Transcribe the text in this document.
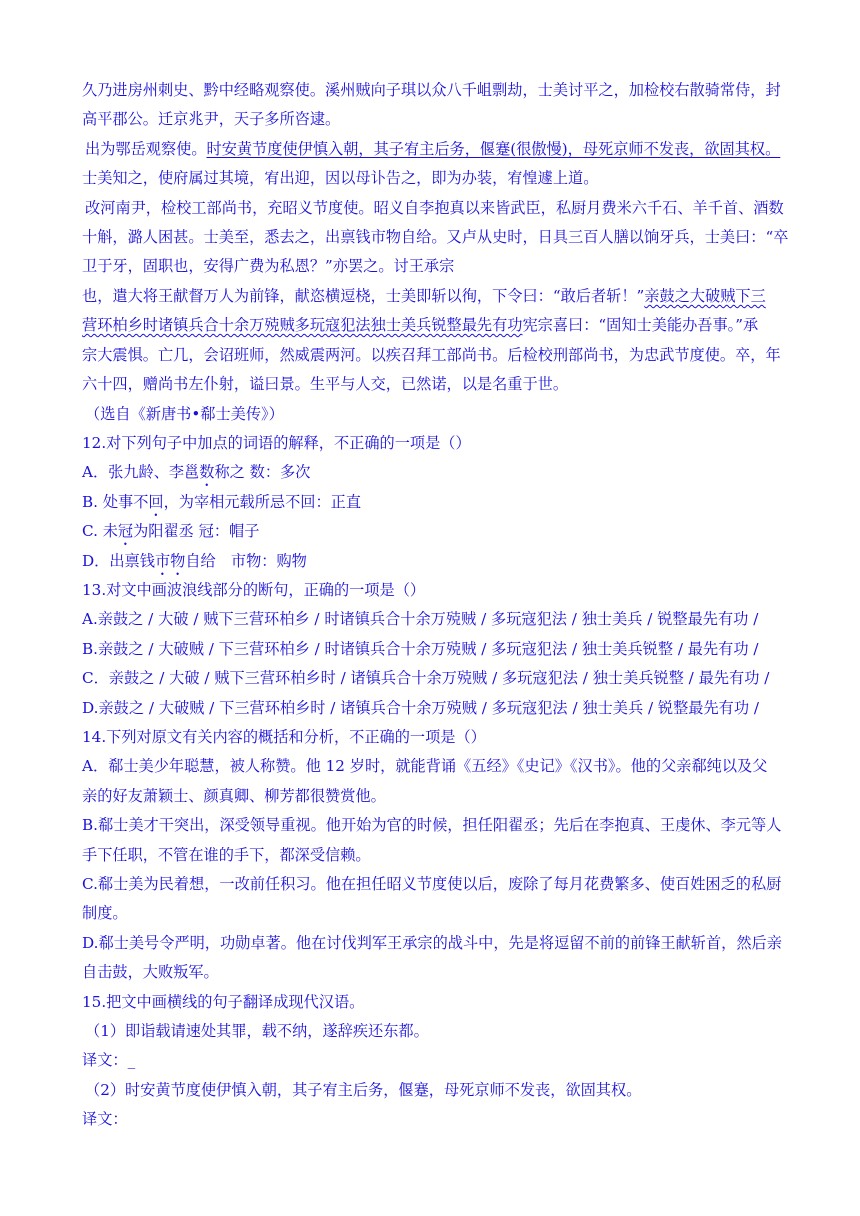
久乃进房州刺史、黔中经略观察使。溪州贼向子琪以众八千岨剽劫，士美讨平之，加检校右散骑常侍，封
高平郡公。迁京兆尹，天子多所咨逮。
出为鄂岳观察使。时安黄节度使伊慎入朝，其子宥主后务，偃蹇(很傲慢)，母死京师不发丧，欲固其权。
士美知之，使府属过其境，宥出迎，因以母讣告之，即为办装，宥惶遽上道。
改河南尹，检校工部尚书，充昭义节度使。昭义自李抱真以来皆武臣，私厨月费米六千石、羊千首、酒数
十斛，潞人困甚。士美至，悉去之，出禀钱市物自给。又卢从史时，日具三百人膳以饷牙兵，士美曰：“卒
卫于牙，固职也，安得广费为私恩？”亦罢之。讨王承宗
也，遣大将王献督万人为前锋，献恣横逗桡，士美即斩以徇，下令曰：“敢后者斩！”亲鼓之大破贼下三
营环柏乡时诸镇兵合十余万殑贼多玩寇犯法独士美兵锐整最先有功宪宗喜曰：“固知士美能办吾事。”承
宗大震惧。亡几，会诏班师，然威震两河。以疾召拜工部尚书。后检校刑部尚书，为忠武节度使。卒，年
六十四，赠尚书左仆射，谥曰景。生平与人交，已然诺，以是名重于世。
（选自《新唐书•郗士美传》）
12.对下列句子中加点的词语的解释，不正确的一项是（）
A．张九龄、李邕数称之 数：多次
B. 处事不回，为宰相元载所忌不回：正直
C. 未冠为阳翟丞 冠：帽子
D．出禀钱市物自给　市物：购物
13.对文中画波浪线部分的断句，正确的一项是（）
A.亲鼓之 / 大破 / 贼下三营环柏乡 / 时诸镇兵合十余万殑贼 / 多玩寇犯法 / 独士美兵 / 锐整最先有功 /
B.亲鼓之 / 大破贼 / 下三营环柏乡 / 时诸镇兵合十余万殑贼 / 多玩寇犯法 / 独士美兵锐整 / 最先有功 /
C．亲鼓之 / 大破 / 贼下三营环柏乡时 / 诸镇兵合十余万殑贼 / 多玩寇犯法 / 独士美兵锐整 / 最先有功 /
D.亲鼓之 / 大破贼 / 下三营环柏乡时 / 诸镇兵合十余万殑贼 / 多玩寇犯法 / 独士美兵 / 锐整最先有功 /
14.下列对原文有关内容的概括和分析，不正确的一项是（）
A．郗士美少年聪慧，被人称赞。他 12 岁时，就能背诵《五经》《史记》《汉书》。他的父亲郗纯以及父
亲的好友萧颖士、颜真卿、柳芳都很赞赏他。
B.郗士美才干突出，深受领导重视。他开始为官的时候，担任阳翟丞；先后在李抱真、王虔休、李元等人
手下任职，不管在谁的手下，都深受信赖。
C.郗士美为民着想，一改前任积习。他在担任昭义节度使以后，废除了每月花费繁多、使百姓困乏的私厨
制度。
D.郗士美号令严明，功勋卓著。他在讨伐判军王承宗的战斗中，先是将逗留不前的前锋王献斩首，然后亲
自击鼓，大败叛军。
15.把文中画横线的句子翻译成现代汉语。
（1）即诣载请速处其罪，载不纳，遂辞疾还东都。
译文：_
（2）时安黄节度使伊慎入朝，其子宥主后务，偃蹇，母死京师不发丧，欲固其权。
译文：
